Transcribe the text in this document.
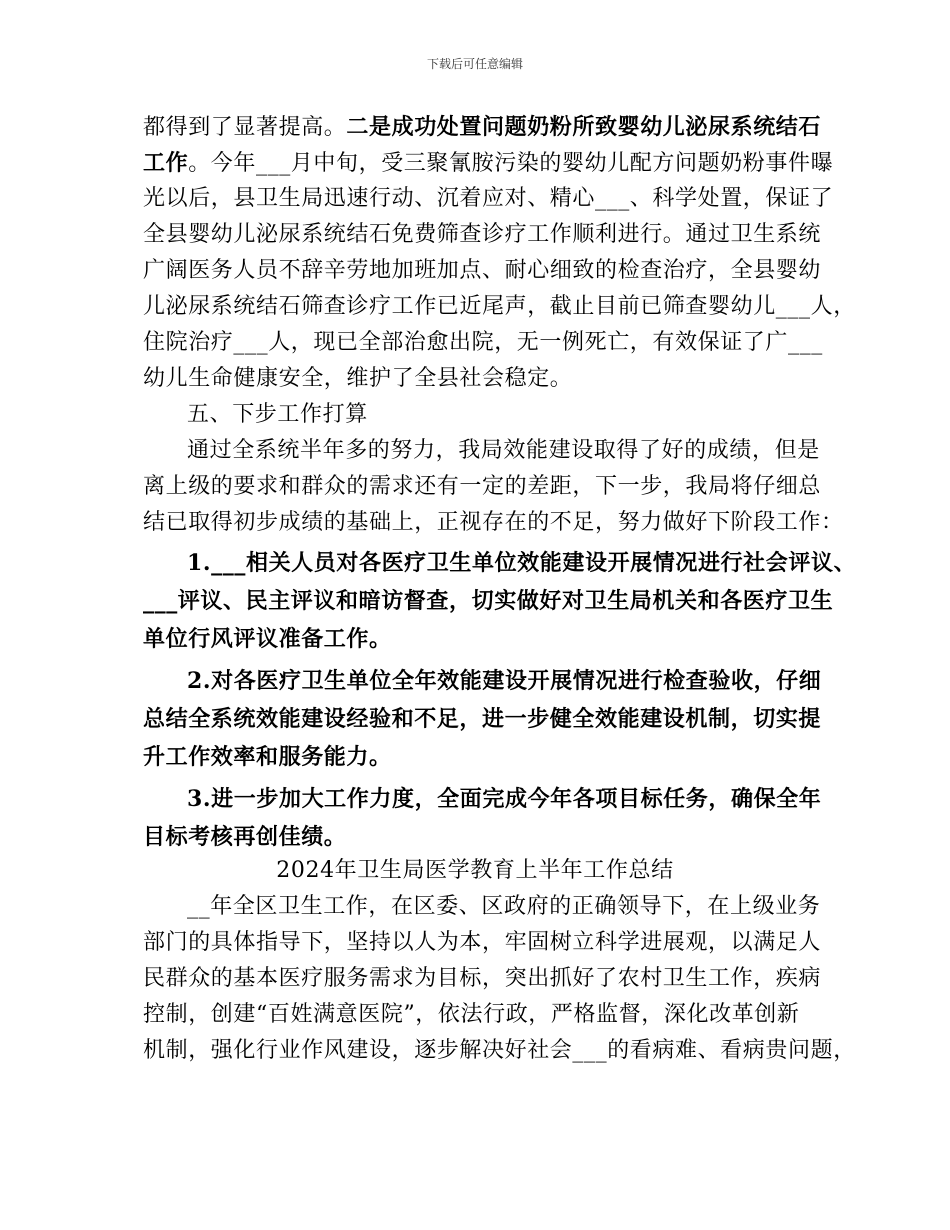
下载后可任意编辑
都得到了显著提高。二是成功处置问题奶粉所致婴幼儿泌尿系统结石
工作。今年___月中旬，受三聚氰胺污染的婴幼儿配方问题奶粉事件曝
光以后，县卫生局迅速行动、沉着应对、精心___、科学处置，保证了
全县婴幼儿泌尿系统结石免费筛查诊疗工作顺利进行。通过卫生系统
广阔医务人员不辞辛劳地加班加点、耐心细致的检查治疗，全县婴幼
儿泌尿系统结石筛查诊疗工作已近尾声，截止目前已筛查婴幼儿___人，
住院治疗___人，现已全部治愈出院，无一例死亡，有效保证了广___
幼儿生命健康安全，维护了全县社会稳定。
五、下步工作打算
通过全系统半年多的努力，我局效能建设取得了好的成绩，但是
离上级的要求和群众的需求还有一定的差距，下一步，我局将仔细总
结已取得初步成绩的基础上，正视存在的不足，努力做好下阶段工作：
1.___相关人员对各医疗卫生单位效能建设开展情况进行社会评议、
___评议、民主评议和暗访督查，切实做好对卫生局机关和各医疗卫生
单位行风评议准备工作。
2.对各医疗卫生单位全年效能建设开展情况进行检查验收，仔细
总结全系统效能建设经验和不足，进一步健全效能建设机制，切实提
升工作效率和服务能力。
3.进一步加大工作力度，全面完成今年各项目标任务，确保全年
目标考核再创佳绩。
2024年卫生局医学教育上半年工作总结
__年全区卫生工作，在区委、区政府的正确领导下，在上级业务
部门的具体指导下，坚持以人为本，牢固树立科学进展观，以满足人
民群众的基本医疗服务需求为目标，突出抓好了农村卫生工作，疾病
控制，创建“百姓满意医院”，依法行政，严格监督，深化改革创新
机制，强化行业作风建设，逐步解决好社会___的看病难、看病贵问题，
